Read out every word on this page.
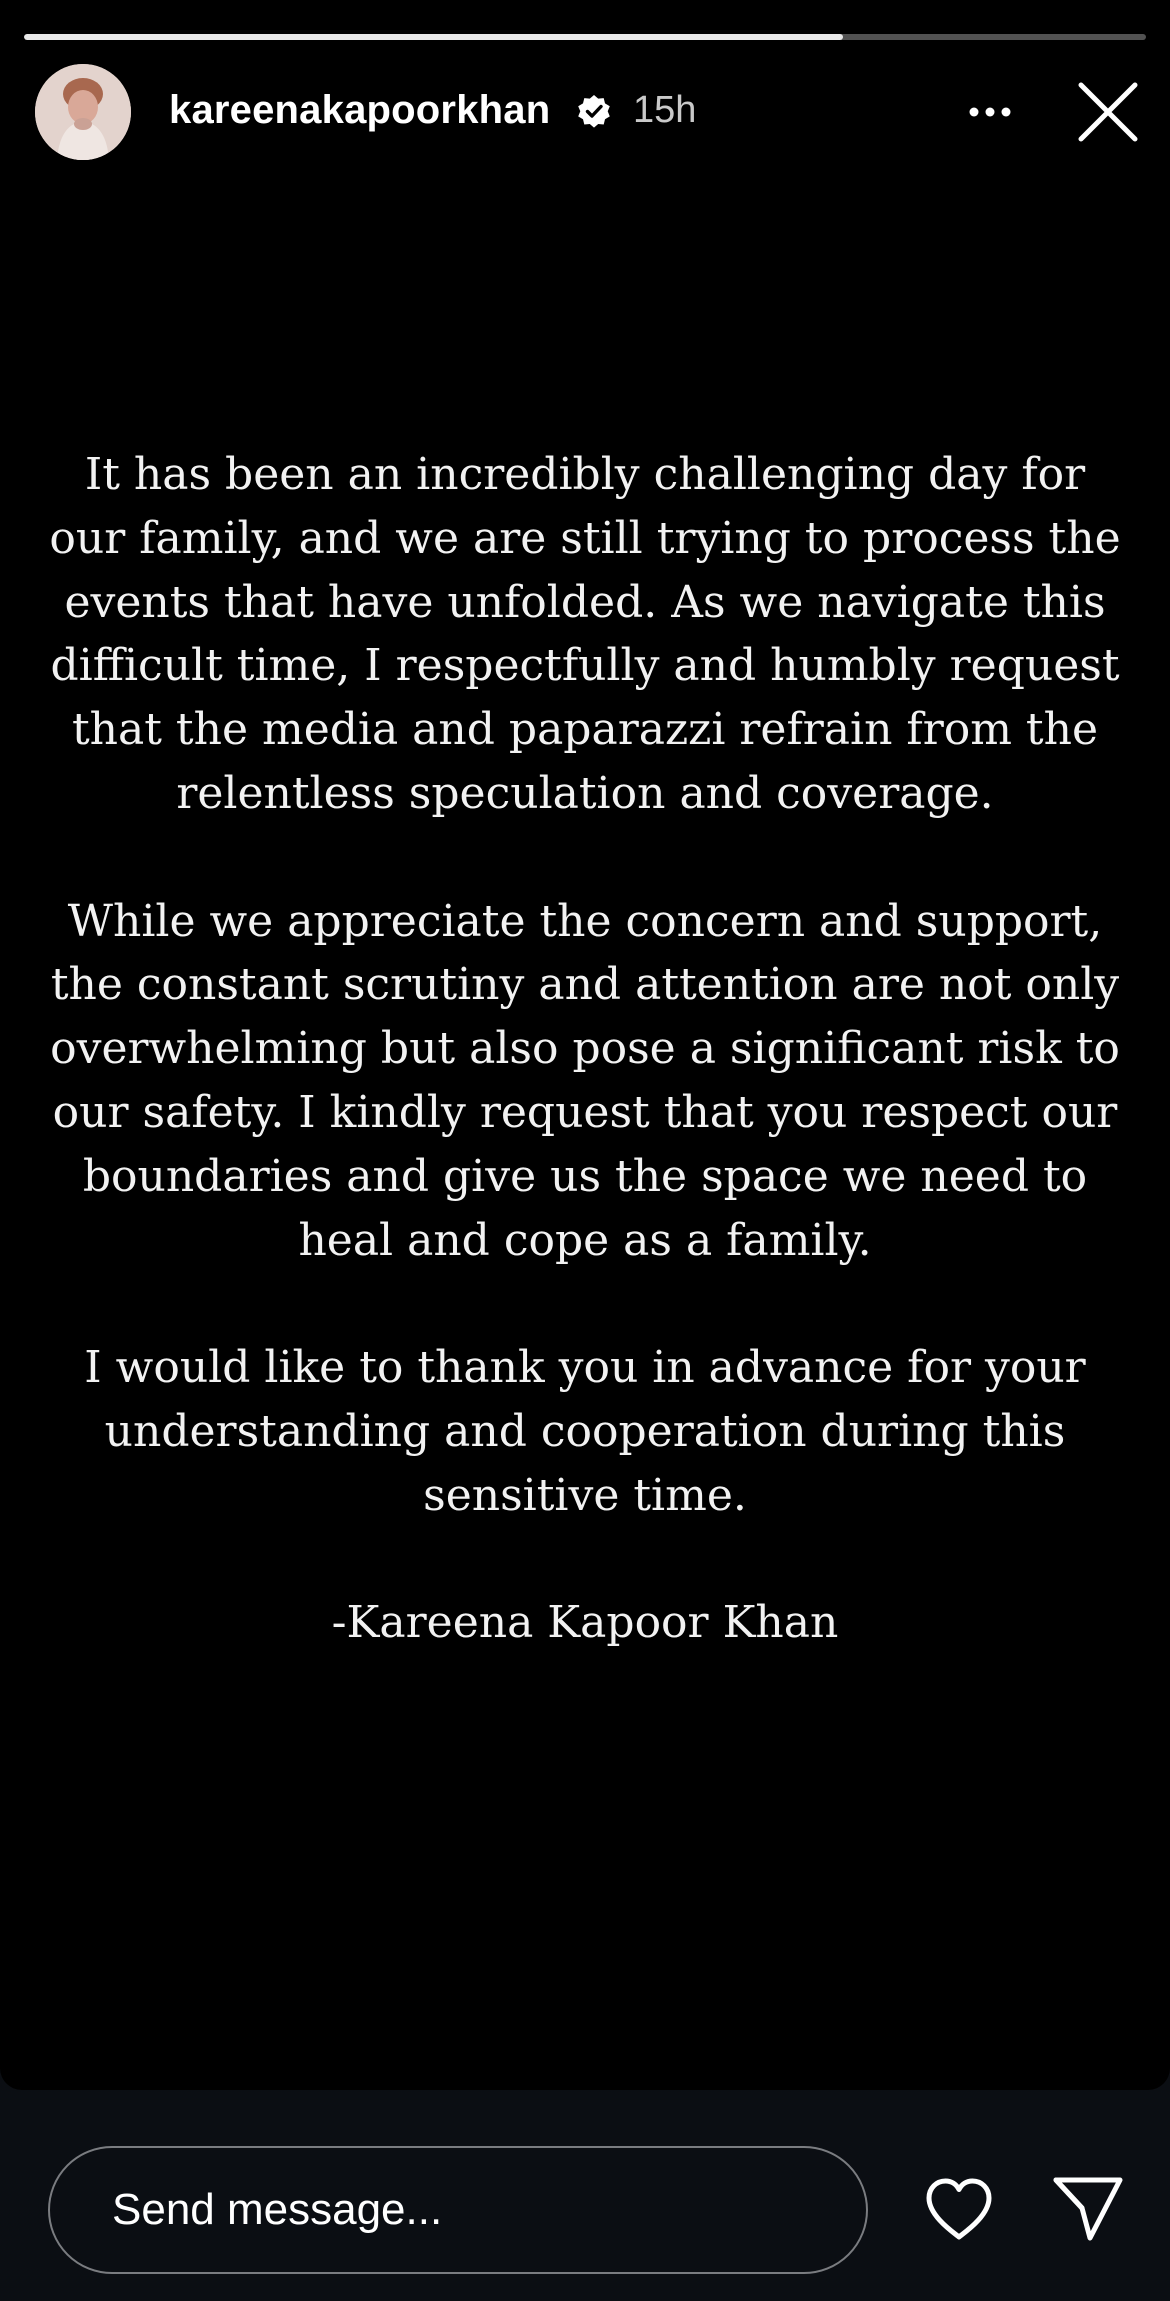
kareenakapoorkhan 15h

It has been an incredibly challenging day for
our family, and we are still trying to process the
events that have unfolded. As we navigate this
difficult time, I respectfully and humbly request
that the media and paparazzi refrain from the
relentless speculation and coverage.

While we appreciate the concern and support,
the constant scrutiny and attention are not only
overwhelming but also pose a significant risk to
our safety. I kindly request that you respect our
boundaries and give us the space we need to
heal and cope as a family.

I would like to thank you in advance for your
understanding and cooperation during this
sensitive time.

-Kareena Kapoor Khan

Send message...
